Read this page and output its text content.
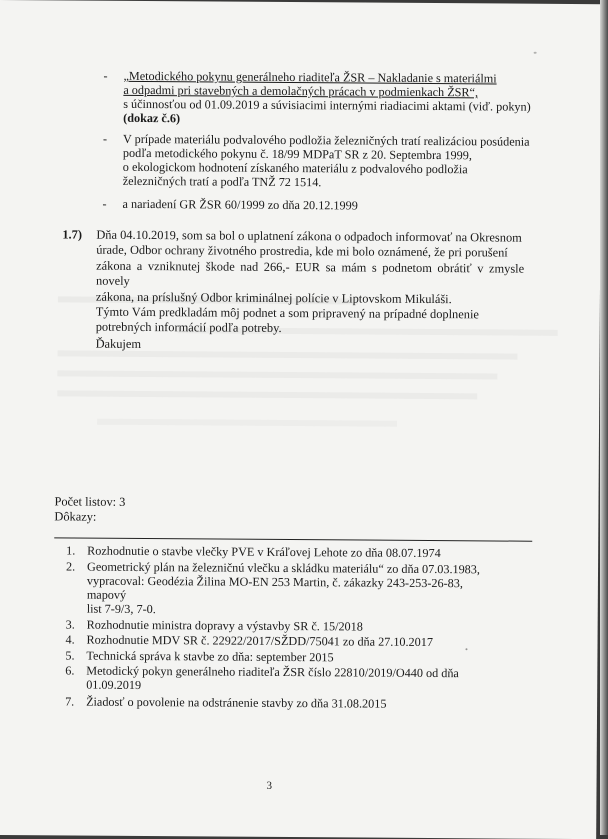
- „Metodického pokynu generálneho riaditeľa ŽSR – Nakladanie s materiálmi
a odpadmi pri stavebných a demolačných prácach v podmienkach ŽSR“,
s účinnosťou od 01.09.2019 a súvisiacimi internými riadiacimi aktami (viď. pokyn)
(dokaz č.6)
- V prípade materiálu podvalového podložia železničných tratí realizáciou posúdenia
podľa metodického pokynu č. 18/99 MDPaT SR z 20. Septembra 1999,
o ekologickom hodnotení získaného materiálu z podvalového podložia
železničných tratí a podľa TNŽ 72 1514.
- a nariadení GR ŽSR 60/1999 zo dňa 20.12.1999
1.7) Dňa 04.10.2019, som sa bol o uplatnení zákona o odpadoch informovať na Okresnom
úrade, Odbor ochrany životného prostredia, kde mi bolo oznámené, že pri porušení
zákona a vzniknutej škode nad 266,- EUR sa mám s podnetom obrátiť v zmysle novely
zákona, na príslušný Odbor kriminálnej polície v Liptovskom Mikuláši.
Týmto Vám predkladám môj podnet a som pripravený na prípadné doplnenie
potrebných informácií podľa potreby.
Ďakujem
Počet listov: 3
Dôkazy:
1. Rozhodnutie o stavbe vlečky PVE v Kráľovej Lehote zo dňa 08.07.1974
2. Geometrický plán na železničnú vlečku a skládku materiálu“ zo dňa 07.03.1983,
vypracoval: Geodézia Žilina MO-EN 253 Martin, č. zákazky 243-253-26-83, mapový
list 7-9/3, 7-0.
3. Rozhodnutie ministra dopravy a výstavby SR č. 15/2018
4. Rozhodnutie MDV SR č. 22922/2017/SŽDD/75041 zo dňa 27.10.2017
5. Technická správa k stavbe zo dňa: september 2015
6. Metodický pokyn generálneho riaditeľa ŽSR číslo 22810/2019/O440 od dňa
01.09.2019
7. Žiadosť o povolenie na odstránenie stavby zo dňa 31.08.2015
3
